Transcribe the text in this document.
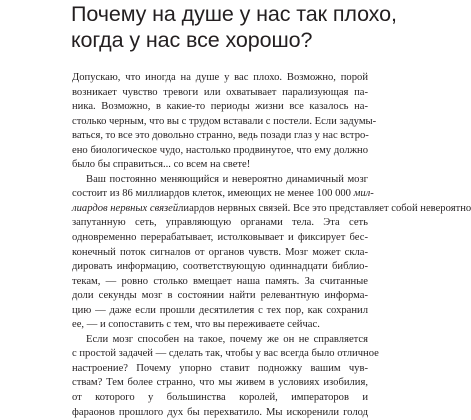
Почему на душе у нас так плохо,
когда у нас все хорошо?
Допускаю, что иногда на душе у вас плохо. Возможно, порой
возникает чувство тревоги или охватывает парализующая па-
ника. Возможно, в какие-то периоды жизни все казалось на-
столько черным, что вы с трудом вставали с постели. Если задумы-
ваться, то все это довольно странно, ведь позади глаз у нас встро-
ено биологическое чудо, настолько продвинутое, что ему должно
было бы справиться... со всем на свете!
Ваш постоянно меняющийся и невероятно динамичный мозг
состоит из 86 миллиардов клеток, имеющих не менее 100 000 мил-
лиардов нервных связейлиардов нервных связей. Все это представляет собой невероятно
запутанную сеть, управляющую органами тела. Эта сеть
одновременно перерабатывает, истолковывает и фиксирует бес-
конечный поток сигналов от органов чувств. Мозг может скла-
дировать информацию, соответствующую одиннадцати библио-
текам, — ровно столько вмещает наша память. За считанные
доли секунды мозг в состоянии найти релевантную информа-
цию — даже если прошли десятилетия с тех пор, как сохранил
ее, — и сопоставить с тем, что вы переживаете сейчас.
Если мозг способен на такое, почему же он не справляется
с простой задачей — сделать так, чтобы у вас всегда было отличное
настроение? Почему упорно ставит подножку вашим чув-
ствам? Тем более странно, что мы живем в условиях изобилия,
от которого у большинства королей, императоров и
фараонов прошлого дух бы перехватило. Мы искоренили голод
